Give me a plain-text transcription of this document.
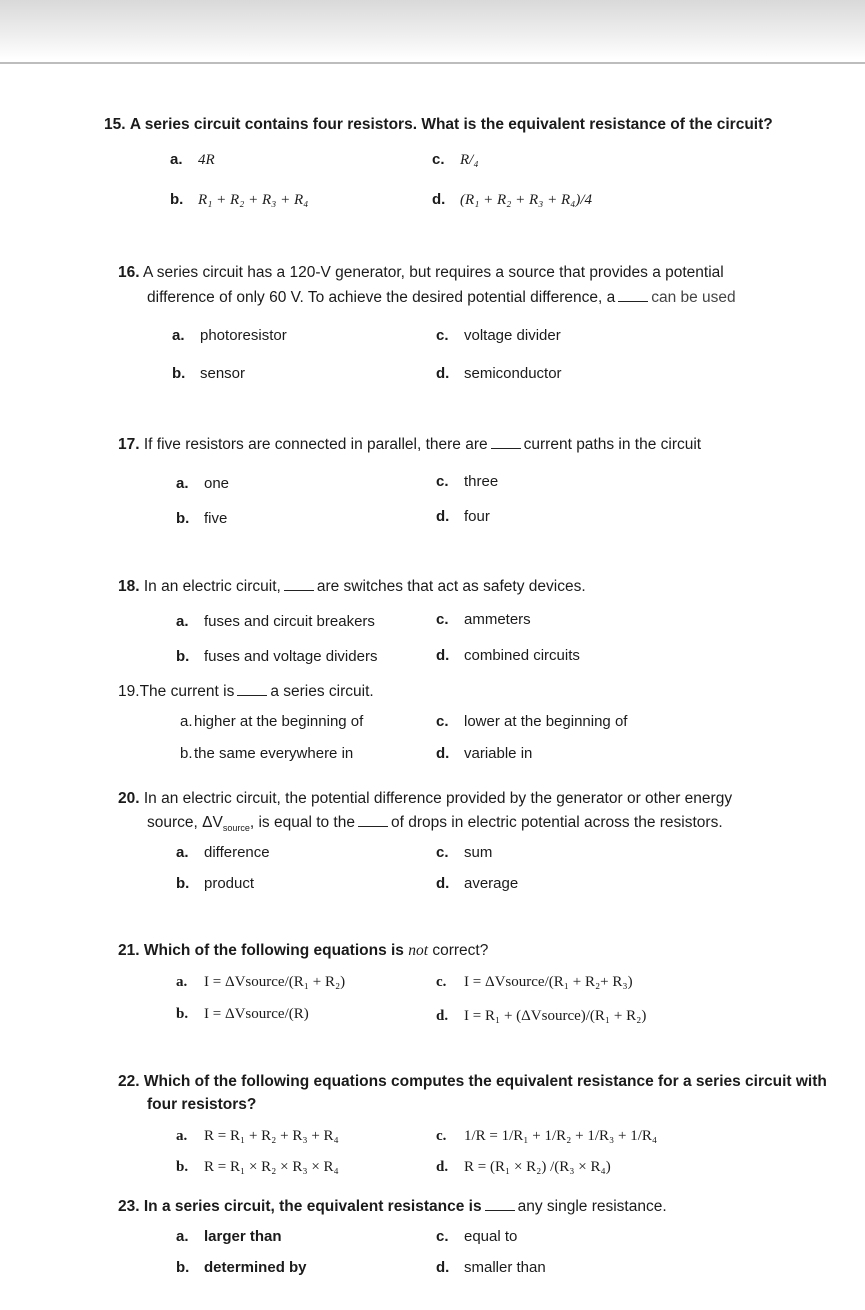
15. A series circuit contains four resistors. What is the equivalent resistance of the circuit?
a. 4R
b. R₁ + R₂ + R₃ + R₄
c. R/₄
d. (R₁ + R₂ + R₃ + R₄)/4
16. A series circuit has a 120-V generator, but requires a source that provides a potential
difference of only 60 V. To achieve the desired potential difference, a can be used
a. photoresistor
b. sensor
c. voltage divider
d. semiconductor
17. If five resistors are connected in parallel, there are current paths in the circuit
a. one
b. five
c. three
d. four
18. In an electric circuit, are switches that act as safety devices.
a. fuses and circuit breakers
b. fuses and voltage dividers
c. ammeters
d. combined circuits
19.The current is a series circuit.
a.higher at the beginning of
b.the same everywhere in
c. lower at the beginning of
d. variable in
20. In an electric circuit, the potential difference provided by the generator or other energy
source, $\Delta V_{source}$, is equal to the of drops in electric potential across the resistors.
a. difference
b. product
c. sum
d. average
21. Which of the following equations is not correct?
a. I = ΔVsource/(R₁ + R₂)
b. I = ΔVsource/(R)
c. I = ΔVsource/(R₁ + R₂+ R₃)
d. I = R₁ + (ΔVsource)/(R₁ + R₂)
22. Which of the following equations computes the equivalent resistance for a series circuit with
four resistors?
a. R = R₁ + R₂ + R₃ + R₄
b. R = R₁ × R₂ × R₃ × R₄
c. 1/R = 1/R₁ + 1/R₂ + 1/R₃ + 1/R₄
d. R = (R₁ × R₂) /(R₃ × R₄)
23. In a series circuit, the equivalent resistance is any single resistance.
a. larger than
b. determined by
c. equal to
d. smaller than
